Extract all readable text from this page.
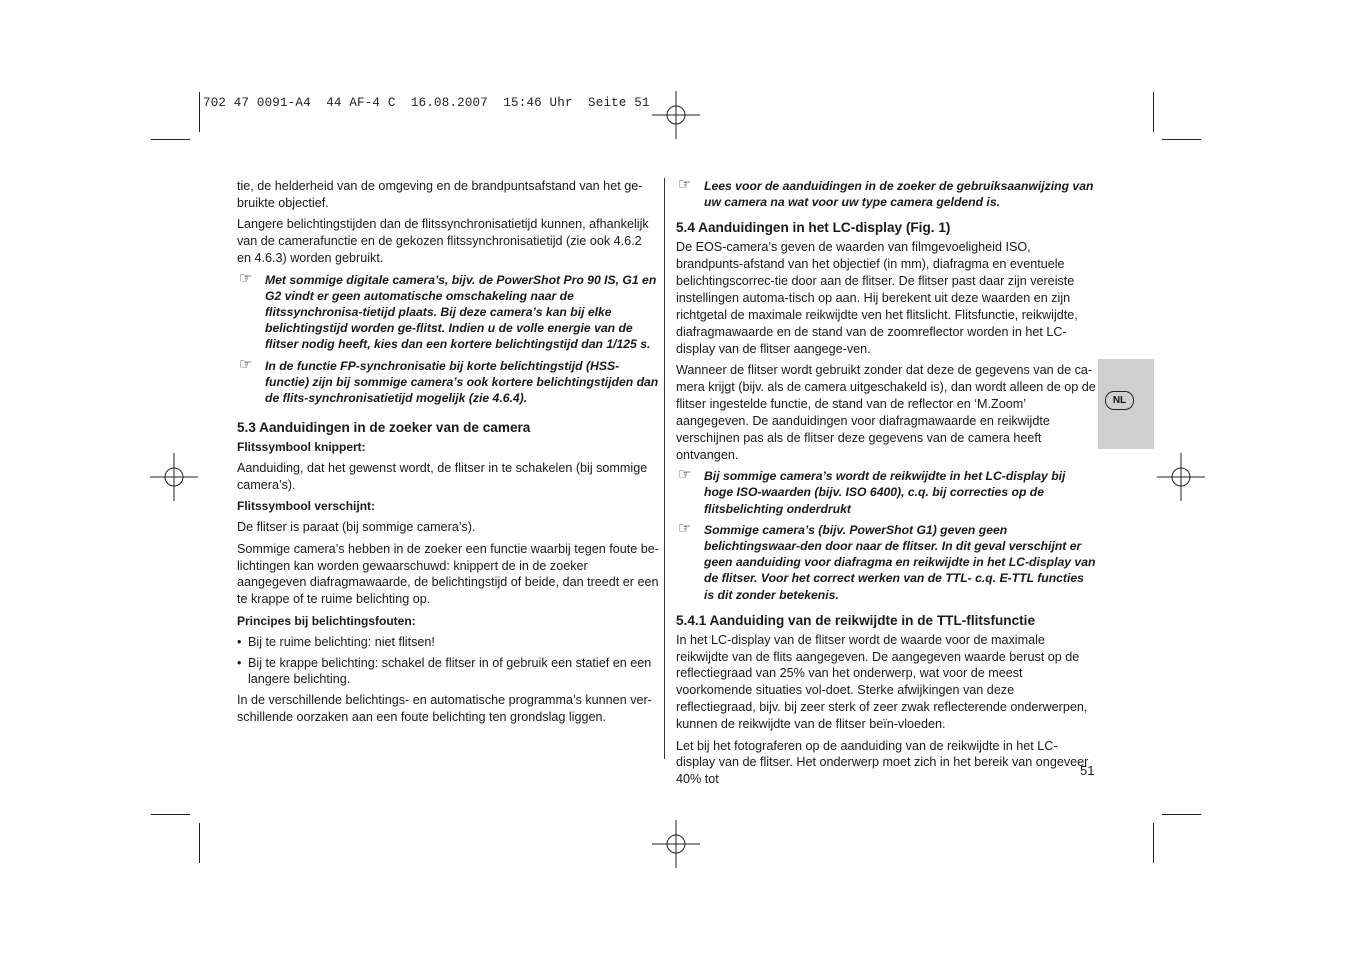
702 47 0091-A4  44 AF-4 C  16.08.2007  15:46 Uhr  Seite 51

tie, de helderheid van de omgeving en de brandpuntsafstand van het ge-bruikte objectief.

Langere belichtingstijden dan de flitssynchronisatietijd kunnen, afhankelijk van de camerafunctie en de gekozen flitssynchronisatietijd (zie ook 4.6.2 en 4.6.3) worden gebruikt.

☞ Met sommige digitale camera’s, bijv. de PowerShot Pro 90 IS, G1 en G2 vindt er geen automatische omschakeling naar de flitssynchronisa-tietijd plaats. Bij deze camera’s kan bij elke belichtingstijd worden ge-flitst. Indien u de volle energie van de flitser nodig heeft, kies dan een kortere belichtingstijd dan 1/125 s.

☞ In de functie FP-synchronisatie bij korte belichtingstijd (HSS-functie) zijn bij sommige camera’s ook kortere belichtingstijden dan de flits-synchronisatietijd mogelijk (zie 4.6.4).

5.3 Aanduidingen in de zoeker van de camera

Flitssymbool knippert:

Aanduiding, dat het gewenst wordt, de flitser in te schakelen (bij sommige camera’s).

Flitssymbool verschijnt:

De flitser is paraat (bij sommige camera’s).

Sommige camera’s hebben in de zoeker een functie waarbij tegen foute be-lichtingen kan worden gewaarschuwd: knippert de in de zoeker aangegeven diafragmawaarde, de belichtingstijd of beide, dan treedt er een te krappe of te ruime belichting op.

Principes bij belichtingsfouten:

• Bij te ruime belichting: niet flitsen!

• Bij te krappe belichting: schakel de flitser in of gebruik een statief en een langere belichting.

In de verschillende belichtings- en automatische programma’s kunnen ver-schillende oorzaken aan een foute belichting ten grondslag liggen.

☞ Lees voor de aanduidingen in de zoeker de gebruiksaanwijzing van uw camera na wat voor uw type camera geldend is.

5.4 Aanduidingen in het LC-display (Fig. 1)

De EOS-camera’s geven de waarden van filmgevoeligheid ISO, brandpunts-afstand van het objectief (in mm), diafragma en eventuele belichtingscorrec-tie door aan de flitser. De flitser past daar zijn vereiste instellingen automa-tisch op aan. Hij berekent uit deze waarden en zijn richtgetal de maximale reikwijdte ven het flitslicht. Flitsfunctie, reikwijdte, diafragmawaarde en de stand van de zoomreflector worden in het LC-display van de flitser aangege-ven.

Wanneer de flitser wordt gebruikt zonder dat deze de gegevens van de ca-mera krijgt (bijv. als de camera uitgeschakeld is), dan wordt alleen de op de flitser ingestelde functie, de stand van de reflector en ‘M.Zoom’ aangegeven. De aanduidingen voor diafragmawaarde en reikwijdte verschijnen pas als de flitser deze gegevens van de camera heeft ontvangen.

☞ Bij sommige camera’s wordt de reikwijdte in het LC-display bij hoge ISO-waarden (bijv. ISO 6400), c.q. bij correcties op de flitsbelichting onderdrukt

☞ Sommige camera’s (bijv. PowerShot G1) geven geen belichtingswaar-den door naar de flitser. In dit geval verschijnt er geen aanduiding voor diafragma en reikwijdte in het LC-display van de flitser. Voor het correct werken van de TTL- c.q. E-TTL functies is dit zonder betekenis.

5.4.1 Aanduiding van de reikwijdte in de TTL-flitsfunctie

In het LC-display van de flitser wordt de waarde voor de maximale reikwijdte van de flits aangegeven. De aangegeven waarde berust op de reflectiegraad van 25% van het onderwerp, wat voor de meest voorkomende situaties vol-doet. Sterke afwijkingen van deze reflectiegraad, bijv. bij zeer sterk of zeer zwak reflecterende onderwerpen, kunnen de reikwijdte van de flitser beïn-vloeden.

Let bij het fotograferen op de aanduiding van de reikwijdte in het LC-display van de flitser. Het onderwerp moet zich in het bereik van ongeveer 40% tot

NL
51
